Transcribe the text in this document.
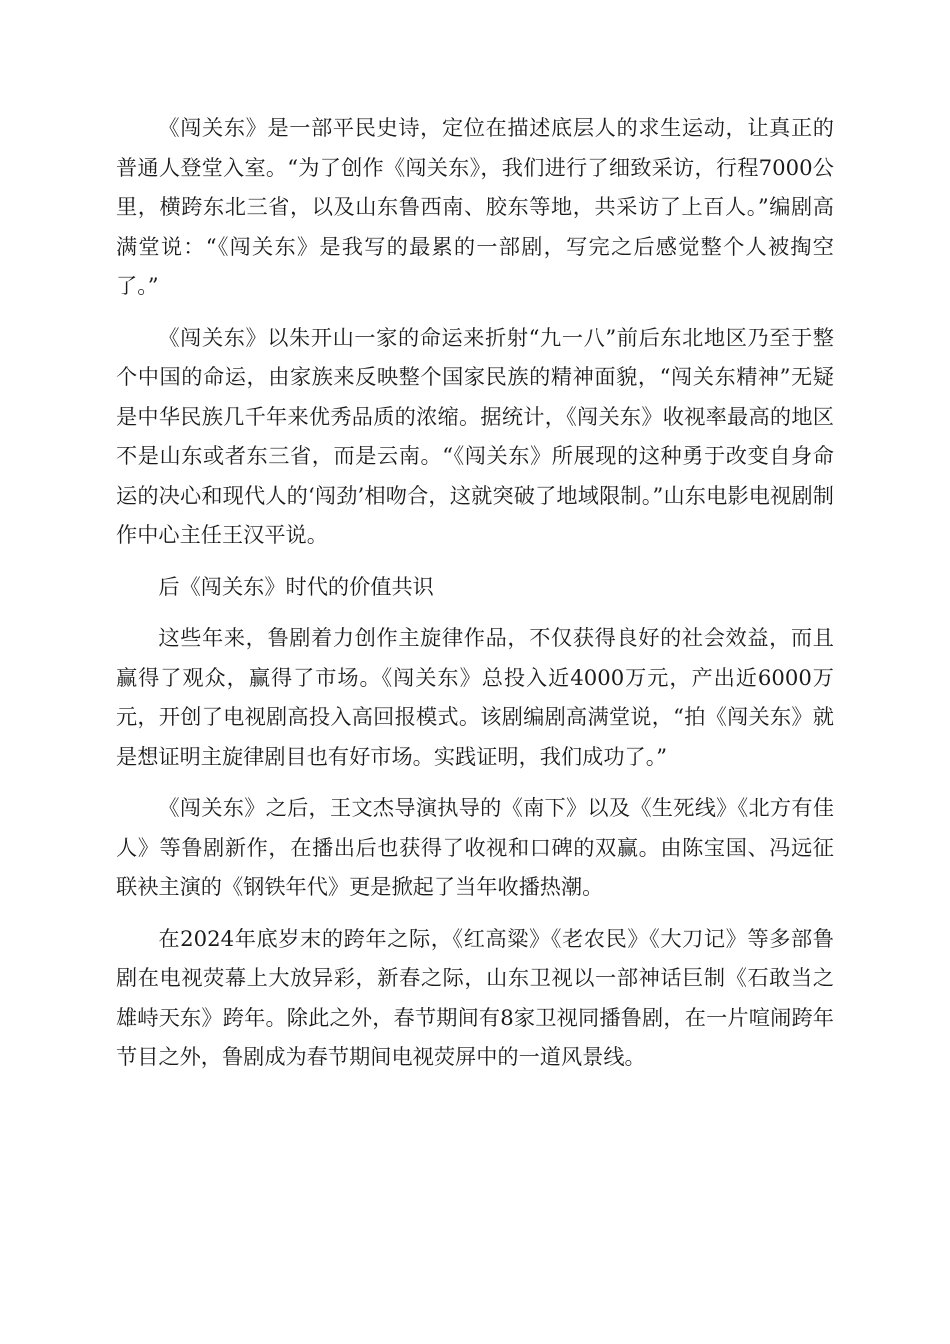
《闯关东》是一部平民史诗，定位在描述底层人的求生运动，让真正的普通人登堂入室。“为了创作《闯关东》，我们进行了细致采访，行程7000公里，横跨东北三省，以及山东鲁西南、胶东等地，共采访了上百人。”编剧高满堂说：“《闯关东》是我写的最累的一部剧，写完之后感觉整个人被掏空了。”

《闯关东》以朱开山一家的命运来折射“九一八”前后东北地区乃至于整个中国的命运，由家族来反映整个国家民族的精神面貌，“闯关东精神”无疑是中华民族几千年来优秀品质的浓缩。据统计，《闯关东》收视率最高的地区不是山东或者东三省，而是云南。“《闯关东》所展现的这种勇于改变自身命运的决心和现代人的‘闯劲’相吻合，这就突破了地域限制。”山东电影电视剧制作中心主任王汉平说。

后《闯关东》时代的价值共识

这些年来，鲁剧着力创作主旋律作品，不仅获得良好的社会效益，而且赢得了观众，赢得了市场。《闯关东》总投入近4000万元，产出近6000万元，开创了电视剧高投入高回报模式。该剧编剧高满堂说，“拍《闯关东》就是想证明主旋律剧目也有好市场。实践证明，我们成功了。”

《闯关东》之后，王文杰导演执导的《南下》以及《生死线》《北方有佳人》等鲁剧新作，在播出后也获得了收视和口碑的双赢。由陈宝国、冯远征联袂主演的《钢铁年代》更是掀起了当年收播热潮。

在2024年底岁末的跨年之际，《红高粱》《老农民》《大刀记》等多部鲁剧在电视荧幕上大放异彩，新春之际，山东卫视以一部神话巨制《石敢当之雄峙天东》跨年。除此之外，春节期间有8家卫视同播鲁剧，在一片喧闹跨年节目之外，鲁剧成为春节期间电视荧屏中的一道风景线。
